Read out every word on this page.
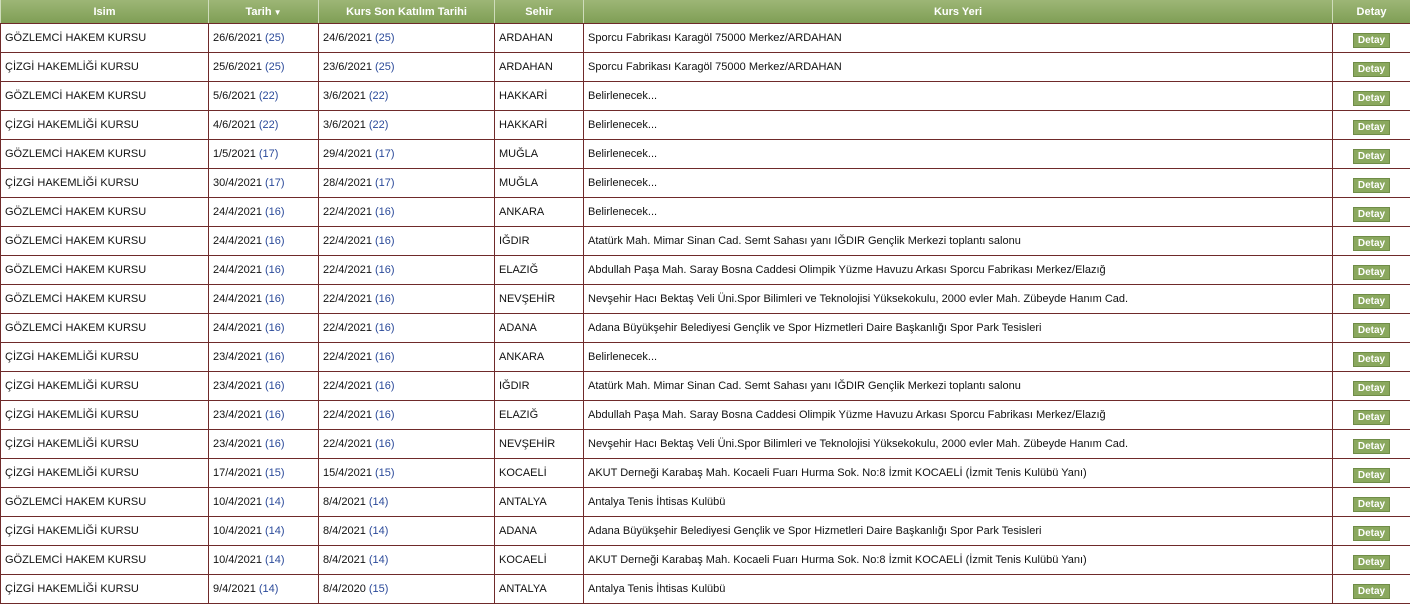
Isim	Tarih ▼	Kurs Son Katılım Tarihi	Sehir	Kurs Yeri	Detay
GÖZLEMCİ HAKEM KURSU	26/6/2021 (25)	24/6/2021 (25)	ARDAHAN	Sporcu Fabrikası Karagöl 75000 Merkez/ARDAHAN	Detay
ÇİZGİ HAKEMLİĞİ KURSU	25/6/2021 (25)	23/6/2021 (25)	ARDAHAN	Sporcu Fabrikası Karagöl 75000 Merkez/ARDAHAN	Detay
GÖZLEMCİ HAKEM KURSU	5/6/2021 (22)	3/6/2021 (22)	HAKKARİ	Belirlenecek...	Detay
ÇİZGİ HAKEMLİĞİ KURSU	4/6/2021 (22)	3/6/2021 (22)	HAKKARİ	Belirlenecek...	Detay
GÖZLEMCİ HAKEM KURSU	1/5/2021 (17)	29/4/2021 (17)	MUĞLA	Belirlenecek...	Detay
ÇİZGİ HAKEMLİĞİ KURSU	30/4/2021 (17)	28/4/2021 (17)	MUĞLA	Belirlenecek...	Detay
GÖZLEMCİ HAKEM KURSU	24/4/2021 (16)	22/4/2021 (16)	ANKARA	Belirlenecek...	Detay
GÖZLEMCİ HAKEM KURSU	24/4/2021 (16)	22/4/2021 (16)	IĞDIR	Atatürk Mah. Mimar Sinan Cad. Semt Sahası yanı IĞDIR Gençlik Merkezi toplantı salonu	Detay
GÖZLEMCİ HAKEM KURSU	24/4/2021 (16)	22/4/2021 (16)	ELAZIĞ	Abdullah Paşa Mah. Saray Bosna Caddesi Olimpik Yüzme Havuzu Arkası Sporcu Fabrikası Merkez/Elazığ	Detay
GÖZLEMCİ HAKEM KURSU	24/4/2021 (16)	22/4/2021 (16)	NEVŞEHİR	Nevşehir Hacı Bektaş Veli Üni.Spor Bilimleri ve Teknolojisi Yüksekokulu, 2000 evler Mah. Zübeyde Hanım Cad.	Detay
GÖZLEMCİ HAKEM KURSU	24/4/2021 (16)	22/4/2021 (16)	ADANA	Adana Büyükşehir Belediyesi Gençlik ve Spor Hizmetleri Daire Başkanlığı Spor Park Tesisleri	Detay
ÇİZGİ HAKEMLİĞİ KURSU	23/4/2021 (16)	22/4/2021 (16)	ANKARA	Belirlenecek...	Detay
ÇİZGİ HAKEMLİĞİ KURSU	23/4/2021 (16)	22/4/2021 (16)	IĞDIR	Atatürk Mah. Mimar Sinan Cad. Semt Sahası yanı IĞDIR Gençlik Merkezi toplantı salonu	Detay
ÇİZGİ HAKEMLİĞİ KURSU	23/4/2021 (16)	22/4/2021 (16)	ELAZIĞ	Abdullah Paşa Mah. Saray Bosna Caddesi Olimpik Yüzme Havuzu Arkası Sporcu Fabrikası Merkez/Elazığ	Detay
ÇİZGİ HAKEMLİĞİ KURSU	23/4/2021 (16)	22/4/2021 (16)	NEVŞEHİR	Nevşehir Hacı Bektaş Veli Üni.Spor Bilimleri ve Teknolojisi Yüksekokulu, 2000 evler Mah. Zübeyde Hanım Cad.	Detay
ÇİZGİ HAKEMLİĞİ KURSU	17/4/2021 (15)	15/4/2021 (15)	KOCAELİ	AKUT Derneği Karabaş Mah. Kocaeli Fuarı Hurma Sok. No:8 İzmit KOCAELİ (İzmit Tenis Kulübü Yanı)	Detay
GÖZLEMCİ HAKEM KURSU	10/4/2021 (14)	8/4/2021 (14)	ANTALYA	Antalya Tenis İhtisas Kulübü	Detay
ÇİZGİ HAKEMLİĞİ KURSU	10/4/2021 (14)	8/4/2021 (14)	ADANA	Adana Büyükşehir Belediyesi Gençlik ve Spor Hizmetleri Daire Başkanlığı Spor Park Tesisleri	Detay
GÖZLEMCİ HAKEM KURSU	10/4/2021 (14)	8/4/2021 (14)	KOCAELİ	AKUT Derneği Karabaş Mah. Kocaeli Fuarı Hurma Sok. No:8 İzmit KOCAELİ (İzmit Tenis Kulübü Yanı)	Detay
ÇİZGİ HAKEMLİĞİ KURSU	9/4/2021 (14)	8/4/2020 (15)	ANTALYA	Antalya Tenis İhtisas Kulübü	Detay
